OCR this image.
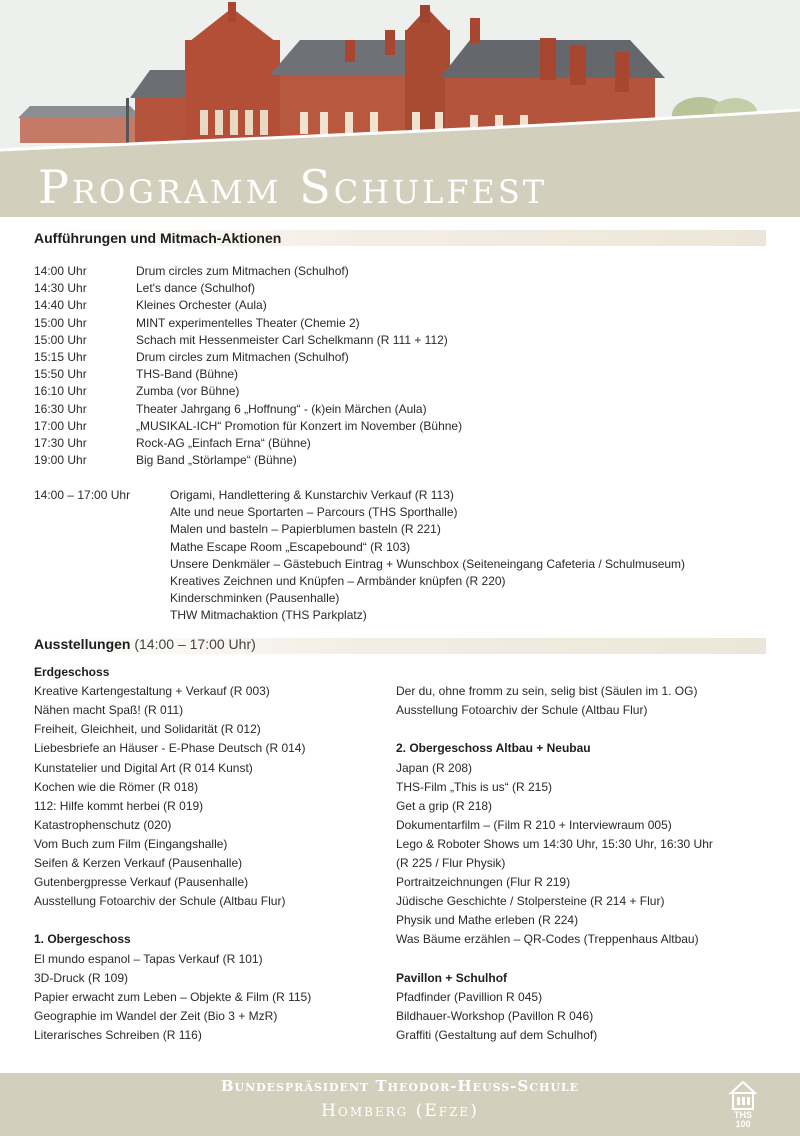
Programm Schulfest
Aufführungen und Mitmach-Aktionen
14:00 Uhr	Drum circles zum Mitmachen (Schulhof)
14:30 Uhr	Let's dance (Schulhof)
14:40 Uhr	Kleines Orchester (Aula)
15:00 Uhr	MINT experimentelles Theater (Chemie 2)
15:00 Uhr	Schach mit Hessenmeister Carl Schelkmann (R 111 + 112)
15:15 Uhr	Drum circles zum Mitmachen (Schulhof)
15:50 Uhr	THS-Band (Bühne)
16:10 Uhr	Zumba (vor Bühne)
16:30 Uhr	Theater Jahrgang 6 „Hoffnung“ - (k)ein Märchen (Aula)
17:00 Uhr	„MUSIKAL-ICH“ Promotion für Konzert im November (Bühne)
17:30 Uhr	Rock-AG „Einfach Erna“ (Bühne)
19:00 Uhr	Big Band „Störlampe“ (Bühne)
14:00 – 17:00 Uhr	Origami, Handlettering & Kunstarchiv Verkauf (R 113)
Alte und neue Sportarten – Parcours (THS Sporthalle)
Malen und basteln – Papierblumen basteln (R 221)
Mathe Escape Room „Escapebound“ (R 103)
Unsere Denkmäler – Gästebuch Eintrag + Wunschbox (Seiteneingang Cafeteria / Schulmuseum)
Kreatives Zeichnen und Knüpfen – Armbänder knüpfen (R 220)
Kinderschminken (Pausenhalle)
THW Mitmachaktion (THS Parkplatz)
Ausstellungen (14:00 – 17:00 Uhr)
Erdgeschoss
Kreative Kartengestaltung + Verkauf (R 003)
Nähen macht Spaß! (R 011)
Freiheit, Gleichheit, und Solidarität (R 012)
Liebesbriefe an Häuser - E-Phase Deutsch (R 014)
Kunstatelier und Digital Art (R 014 Kunst)
Kochen wie die Römer (R 018)
112: Hilfe kommt herbei (R 019)
Katastrophenschutz (020)
Vom Buch zum Film (Eingangshalle)
Seifen & Kerzen Verkauf (Pausenhalle)
Gutenbergpresse Verkauf (Pausenhalle)
Ausstellung Fotoarchiv der Schule (Altbau Flur)
1. Obergeschoss
El mundo espanol – Tapas Verkauf (R 101)
3D-Druck (R 109)
Papier erwacht zum Leben – Objekte & Film (R 115)
Geographie im Wandel der Zeit (Bio 3 + MzR)
Literarisches Schreiben (R 116)
Der du, ohne fromm zu sein, selig bist (Säulen im 1. OG)
Ausstellung Fotoarchiv der Schule (Altbau Flur)
2. Obergeschoss Altbau + Neubau
Japan (R 208)
THS-Film „This is us“ (R 215)
Get a grip (R 218)
Dokumentarfilm – (Film R 210 + Interviewraum 005)
Lego & Roboter Shows um 14:30 Uhr, 15:30 Uhr, 16:30 Uhr
(R 225 / Flur Physik)
Portraitzeichnungen (Flur R 219)
Jüdische Geschichte / Stolpersteine (R 214 + Flur)
Physik und Mathe erleben (R 224)
Was Bäume erzählen – QR-Codes (Treppenhaus Altbau)
Pavillon + Schulhof
Pfadfinder (Pavillion R 045)
Bildhauer-Workshop (Pavillon R 046)
Graffiti (Gestaltung auf dem Schulhof)
Bundespräsident Theodor-Heuss-Schule
Homberg (Efze)	THS
100
